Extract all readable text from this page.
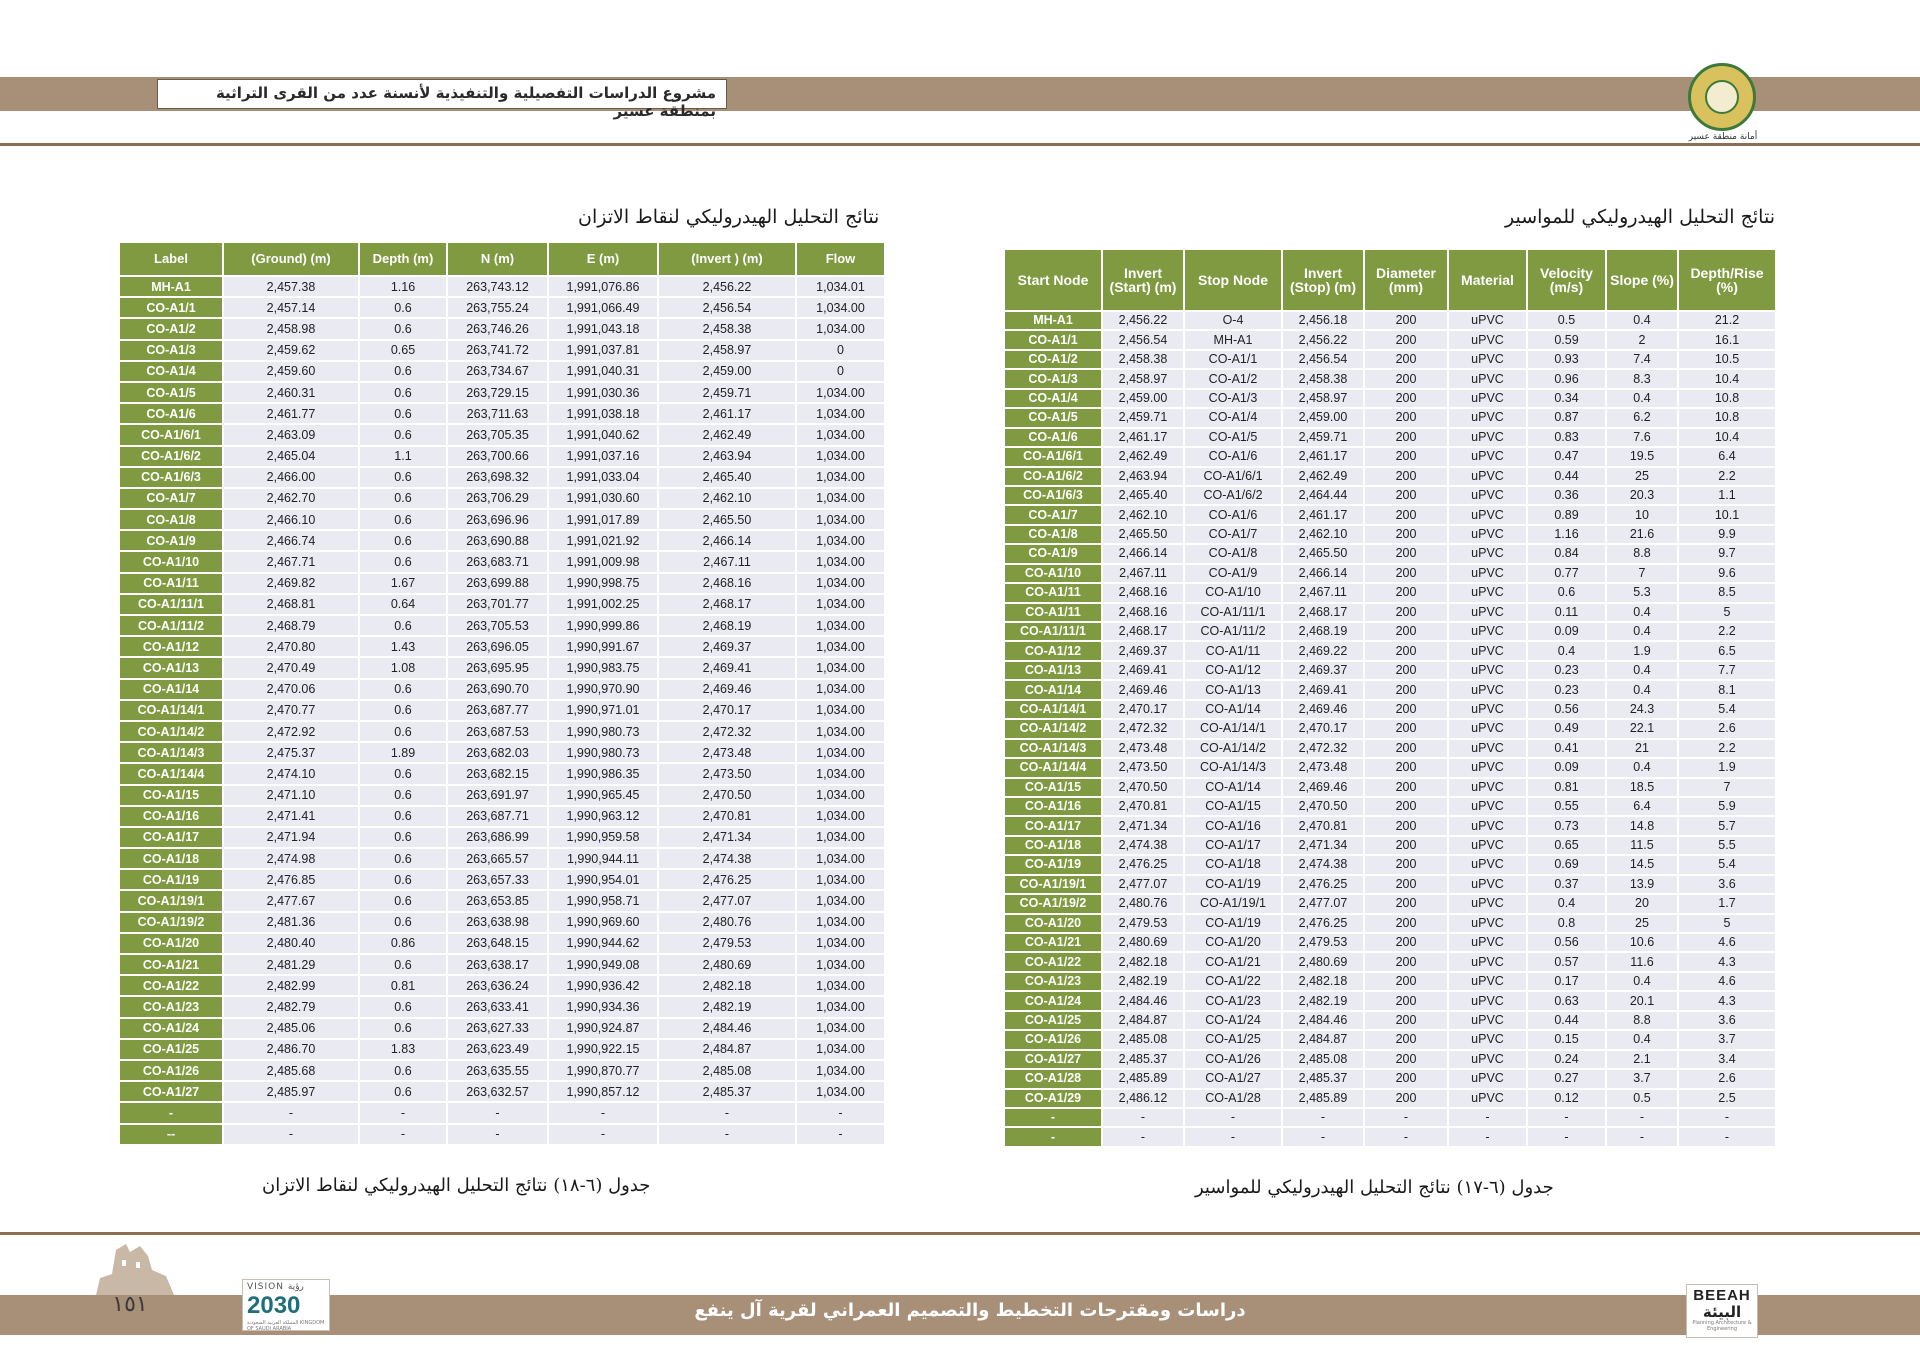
مشروع الدراسات التفصيلية والتنفيذية لأنسنة عدد من القرى التراثية بمنطقة عسير
أمانة منطقة عسير
نتائج التحليل الهيدروليكي لنقاط الاتزان	نتائج التحليل الهيدروليكي للمواسير
Label	(Ground) (m)	Depth (m)	N (m)	E (m)	(Invert ) (m)	Flow
MH-A1	2,457.38	1.16	263,743.12	1,991,076.86	2,456.22	1,034.01
CO-A1/1	2,457.14	0.6	263,755.24	1,991,066.49	2,456.54	1,034.00
CO-A1/2	2,458.98	0.6	263,746.26	1,991,043.18	2,458.38	1,034.00
CO-A1/3	2,459.62	0.65	263,741.72	1,991,037.81	2,458.97	0
CO-A1/4	2,459.60	0.6	263,734.67	1,991,040.31	2,459.00	0
CO-A1/5	2,460.31	0.6	263,729.15	1,991,030.36	2,459.71	1,034.00
CO-A1/6	2,461.77	0.6	263,711.63	1,991,038.18	2,461.17	1,034.00
CO-A1/6/1	2,463.09	0.6	263,705.35	1,991,040.62	2,462.49	1,034.00
CO-A1/6/2	2,465.04	1.1	263,700.66	1,991,037.16	2,463.94	1,034.00
CO-A1/6/3	2,466.00	0.6	263,698.32	1,991,033.04	2,465.40	1,034.00
CO-A1/7	2,462.70	0.6	263,706.29	1,991,030.60	2,462.10	1,034.00
CO-A1/8	2,466.10	0.6	263,696.96	1,991,017.89	2,465.50	1,034.00
CO-A1/9	2,466.74	0.6	263,690.88	1,991,021.92	2,466.14	1,034.00
CO-A1/10	2,467.71	0.6	263,683.71	1,991,009.98	2,467.11	1,034.00
CO-A1/11	2,469.82	1.67	263,699.88	1,990,998.75	2,468.16	1,034.00
CO-A1/11/1	2,468.81	0.64	263,701.77	1,991,002.25	2,468.17	1,034.00
CO-A1/11/2	2,468.79	0.6	263,705.53	1,990,999.86	2,468.19	1,034.00
CO-A1/12	2,470.80	1.43	263,696.05	1,990,991.67	2,469.37	1,034.00
CO-A1/13	2,470.49	1.08	263,695.95	1,990,983.75	2,469.41	1,034.00
CO-A1/14	2,470.06	0.6	263,690.70	1,990,970.90	2,469.46	1,034.00
CO-A1/14/1	2,470.77	0.6	263,687.77	1,990,971.01	2,470.17	1,034.00
CO-A1/14/2	2,472.92	0.6	263,687.53	1,990,980.73	2,472.32	1,034.00
CO-A1/14/3	2,475.37	1.89	263,682.03	1,990,980.73	2,473.48	1,034.00
CO-A1/14/4	2,474.10	0.6	263,682.15	1,990,986.35	2,473.50	1,034.00
CO-A1/15	2,471.10	0.6	263,691.97	1,990,965.45	2,470.50	1,034.00
CO-A1/16	2,471.41	0.6	263,687.71	1,990,963.12	2,470.81	1,034.00
CO-A1/17	2,471.94	0.6	263,686.99	1,990,959.58	2,471.34	1,034.00
CO-A1/18	2,474.98	0.6	263,665.57	1,990,944.11	2,474.38	1,034.00
CO-A1/19	2,476.85	0.6	263,657.33	1,990,954.01	2,476.25	1,034.00
CO-A1/19/1	2,477.67	0.6	263,653.85	1,990,958.71	2,477.07	1,034.00
CO-A1/19/2	2,481.36	0.6	263,638.98	1,990,969.60	2,480.76	1,034.00
CO-A1/20	2,480.40	0.86	263,648.15	1,990,944.62	2,479.53	1,034.00
CO-A1/21	2,481.29	0.6	263,638.17	1,990,949.08	2,480.69	1,034.00
CO-A1/22	2,482.99	0.81	263,636.24	1,990,936.42	2,482.18	1,034.00
CO-A1/23	2,482.79	0.6	263,633.41	1,990,934.36	2,482.19	1,034.00
CO-A1/24	2,485.06	0.6	263,627.33	1,990,924.87	2,484.46	1,034.00
CO-A1/25	2,486.70	1.83	263,623.49	1,990,922.15	2,484.87	1,034.00
CO-A1/26	2,485.68	0.6	263,635.55	1,990,870.77	2,485.08	1,034.00
CO-A1/27	2,485.97	0.6	263,632.57	1,990,857.12	2,485.37	1,034.00
-	-	-	-	-	-	-
--	-	-	-	-	-	-
Start Node	Invert (Start) (m)	Stop Node	Invert (Stop) (m)	Diameter (mm)	Material	Velocity (m/s)	Slope (%)	Depth/Rise (%)
MH-A1	2,456.22	O-4	2,456.18	200	uPVC	0.5	0.4	21.2
CO-A1/1	2,456.54	MH-A1	2,456.22	200	uPVC	0.59	2	16.1
CO-A1/2	2,458.38	CO-A1/1	2,456.54	200	uPVC	0.93	7.4	10.5
CO-A1/3	2,458.97	CO-A1/2	2,458.38	200	uPVC	0.96	8.3	10.4
CO-A1/4	2,459.00	CO-A1/3	2,458.97	200	uPVC	0.34	0.4	10.8
CO-A1/5	2,459.71	CO-A1/4	2,459.00	200	uPVC	0.87	6.2	10.8
CO-A1/6	2,461.17	CO-A1/5	2,459.71	200	uPVC	0.83	7.6	10.4
CO-A1/6/1	2,462.49	CO-A1/6	2,461.17	200	uPVC	0.47	19.5	6.4
CO-A1/6/2	2,463.94	CO-A1/6/1	2,462.49	200	uPVC	0.44	25	2.2
CO-A1/6/3	2,465.40	CO-A1/6/2	2,464.44	200	uPVC	0.36	20.3	1.1
CO-A1/7	2,462.10	CO-A1/6	2,461.17	200	uPVC	0.89	10	10.1
CO-A1/8	2,465.50	CO-A1/7	2,462.10	200	uPVC	1.16	21.6	9.9
CO-A1/9	2,466.14	CO-A1/8	2,465.50	200	uPVC	0.84	8.8	9.7
CO-A1/10	2,467.11	CO-A1/9	2,466.14	200	uPVC	0.77	7	9.6
CO-A1/11	2,468.16	CO-A1/10	2,467.11	200	uPVC	0.6	5.3	8.5
CO-A1/11	2,468.16	CO-A1/11/1	2,468.17	200	uPVC	0.11	0.4	5
CO-A1/11/1	2,468.17	CO-A1/11/2	2,468.19	200	uPVC	0.09	0.4	2.2
CO-A1/12	2,469.37	CO-A1/11	2,469.22	200	uPVC	0.4	1.9	6.5
CO-A1/13	2,469.41	CO-A1/12	2,469.37	200	uPVC	0.23	0.4	7.7
CO-A1/14	2,469.46	CO-A1/13	2,469.41	200	uPVC	0.23	0.4	8.1
CO-A1/14/1	2,470.17	CO-A1/14	2,469.46	200	uPVC	0.56	24.3	5.4
CO-A1/14/2	2,472.32	CO-A1/14/1	2,470.17	200	uPVC	0.49	22.1	2.6
CO-A1/14/3	2,473.48	CO-A1/14/2	2,472.32	200	uPVC	0.41	21	2.2
CO-A1/14/4	2,473.50	CO-A1/14/3	2,473.48	200	uPVC	0.09	0.4	1.9
CO-A1/15	2,470.50	CO-A1/14	2,469.46	200	uPVC	0.81	18.5	7
CO-A1/16	2,470.81	CO-A1/15	2,470.50	200	uPVC	0.55	6.4	5.9
CO-A1/17	2,471.34	CO-A1/16	2,470.81	200	uPVC	0.73	14.8	5.7
CO-A1/18	2,474.38	CO-A1/17	2,471.34	200	uPVC	0.65	11.5	5.5
CO-A1/19	2,476.25	CO-A1/18	2,474.38	200	uPVC	0.69	14.5	5.4
CO-A1/19/1	2,477.07	CO-A1/19	2,476.25	200	uPVC	0.37	13.9	3.6
CO-A1/19/2	2,480.76	CO-A1/19/1	2,477.07	200	uPVC	0.4	20	1.7
CO-A1/20	2,479.53	CO-A1/19	2,476.25	200	uPVC	0.8	25	5
CO-A1/21	2,480.69	CO-A1/20	2,479.53	200	uPVC	0.56	10.6	4.6
CO-A1/22	2,482.18	CO-A1/21	2,480.69	200	uPVC	0.57	11.6	4.3
CO-A1/23	2,482.19	CO-A1/22	2,482.18	200	uPVC	0.17	0.4	4.6
CO-A1/24	2,484.46	CO-A1/23	2,482.19	200	uPVC	0.63	20.1	4.3
CO-A1/25	2,484.87	CO-A1/24	2,484.46	200	uPVC	0.44	8.8	3.6
CO-A1/26	2,485.08	CO-A1/25	2,484.87	200	uPVC	0.15	0.4	3.7
CO-A1/27	2,485.37	CO-A1/26	2,485.08	200	uPVC	0.24	2.1	3.4
CO-A1/28	2,485.89	CO-A1/27	2,485.37	200	uPVC	0.27	3.7	2.6
CO-A1/29	2,486.12	CO-A1/28	2,485.89	200	uPVC	0.12	0.5	2.5
-	-	-	-	-	-	-	-	-
-	-	-	-	-	-	-	-	-
جدول (٦-١٨) نتائج التحليل الهيدروليكي لنقاط الاتزان	جدول (٦-١٧) نتائج التحليل الهيدروليكي للمواسير
١٥١
VISION رؤية
2030
المملكة العربية السعودية KINGDOM OF SAUDI ARABIA
دراسات ومقترحات التخطيط والتصميم العمراني لقرية آل ينفع
BEEAH
البيئة
Planning Architecture & Engineering
